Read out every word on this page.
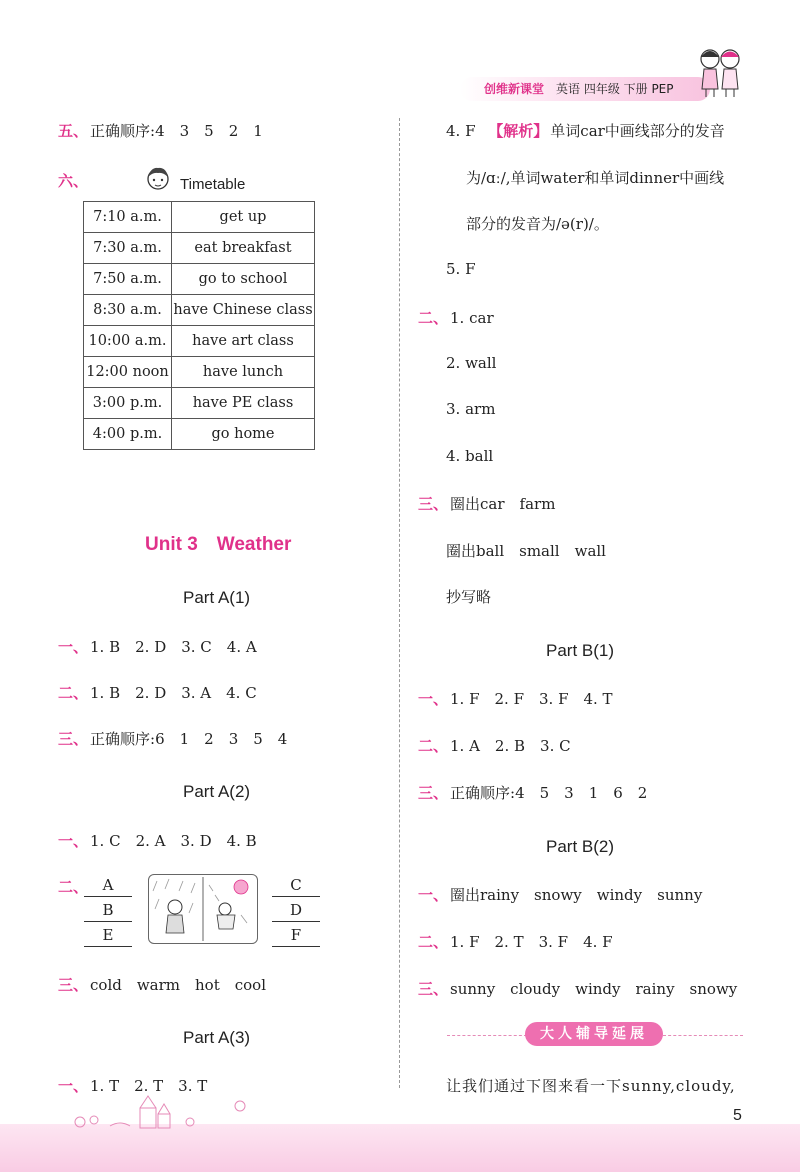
创维新课堂 英语 四年级 下册 PEP
五、 正确顺序:4　3　5　2　1
六、	Timetable
7:10 a.m.	get up
7:30 a.m.	eat breakfast
7:50 a.m.	go to school
8:30 a.m.	have Chinese class
10:00 a.m.	have art class
12:00 noon	have lunch
3:00 p.m.	have PE class
4:00 p.m.	go home
Unit 3　Weather
Part A(1)
一、 1. B　2. D　3. C　4. A
二、 1. B　2. D　3. A　4. C
三、 正确顺序:6　1　2　3　5　4
Part A(2)
一、 1. C　2. A　3. D　4. B
二、 A
B
E
C
D
F
三、 cold　warm　hot　cool
Part A(3)
一、 1. T　2. T　3. T
4. F 【解析】 单词car中画线部分的发音
为/ɑː/,单词water和单词dinner中画线
部分的发音为/ə(r)/。
5. F
二、 1. car
2. wall
3. arm
4. ball
三、 圈出car　farm
圈出ball　small　wall
抄写略
Part B(1)
一、 1. F　2. F　3. F　4. T
二、 1. A　2. B　3. C
三、 正确顺序:4　5　3　1　6　2
Part B(2)
一、 圈出rainy　snowy　windy　sunny
二、 1. F　2. T　3. F　4. F
三、 sunny　cloudy　windy　rainy　snowy
大人辅导延展
让我们通过下图来看一下sunny,cloudy,
5
